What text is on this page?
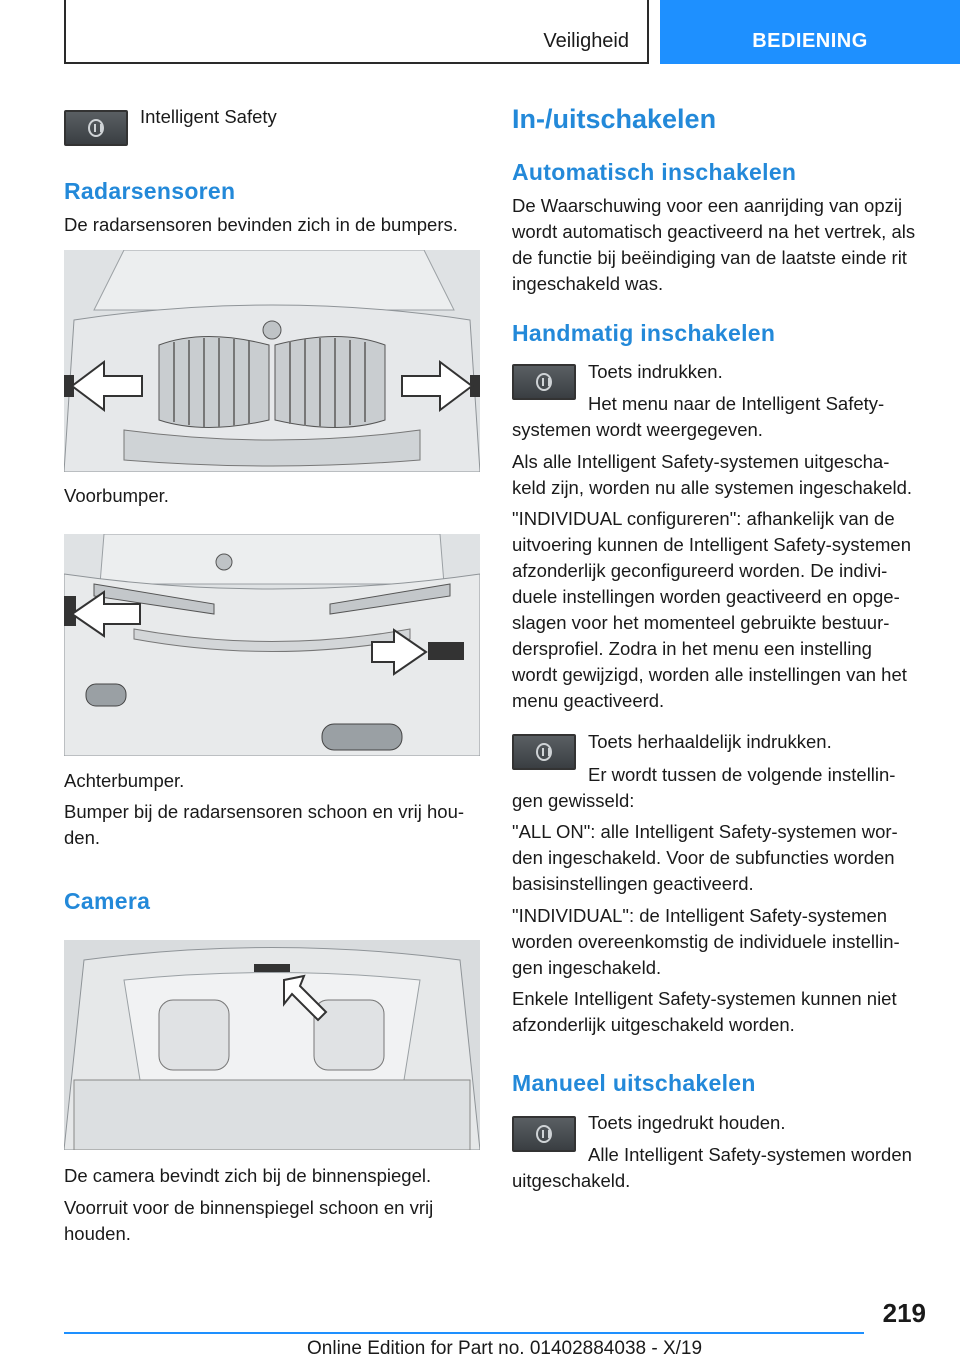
Veiligheid	BEDIENING
Intelligent Safety
Radarsensoren
De radarsensoren bevinden zich in de bumpers.
Voorbumper.
Achterbumper.
Bumper bij de radarsensoren schoon en vrij hou-
den.
Camera
De camera bevindt zich bij de binnenspiegel.
Voorruit voor de binnenspiegel schoon en vrij
houden.
In-/uitschakelen
Automatisch inschakelen
De Waarschuwing voor een aanrijding van opzij
wordt automatisch geactiveerd na het vertrek, als
de functie bij beëindiging van de laatste einde rit
ingeschakeld was.
Handmatig inschakelen
Toets indrukken.
Het menu naar de Intelligent Safety-
systemen wordt weergegeven.
Als alle Intelligent Safety-systemen uitgescha-
keld zijn, worden nu alle systemen ingeschakeld.
"INDIVIDUAL configureren": afhankelijk van de
uitvoering kunnen de Intelligent Safety-systemen
afzonderlijk geconfigureerd worden. De indivi-
duele instellingen worden geactiveerd en opge-
slagen voor het momenteel gebruikte bestuur-
dersprofiel. Zodra in het menu een instelling
wordt gewijzigd, worden alle instellingen van het
menu geactiveerd.
Toets herhaaldelijk indrukken.
Er wordt tussen de volgende instellin-
gen gewisseld:
"ALL ON": alle Intelligent Safety-systemen wor-
den ingeschakeld. Voor de subfuncties worden
basisinstellingen geactiveerd.
"INDIVIDUAL": de Intelligent Safety-systemen
worden overeenkomstig de individuele instellin-
gen ingeschakeld.
Enkele Intelligent Safety-systemen kunnen niet
afzonderlijk uitgeschakeld worden.
Manueel uitschakelen
Toets ingedrukt houden.
Alle Intelligent Safety-systemen worden
uitgeschakeld.
219
Online Edition for Part no. 01402884038 - X/19
